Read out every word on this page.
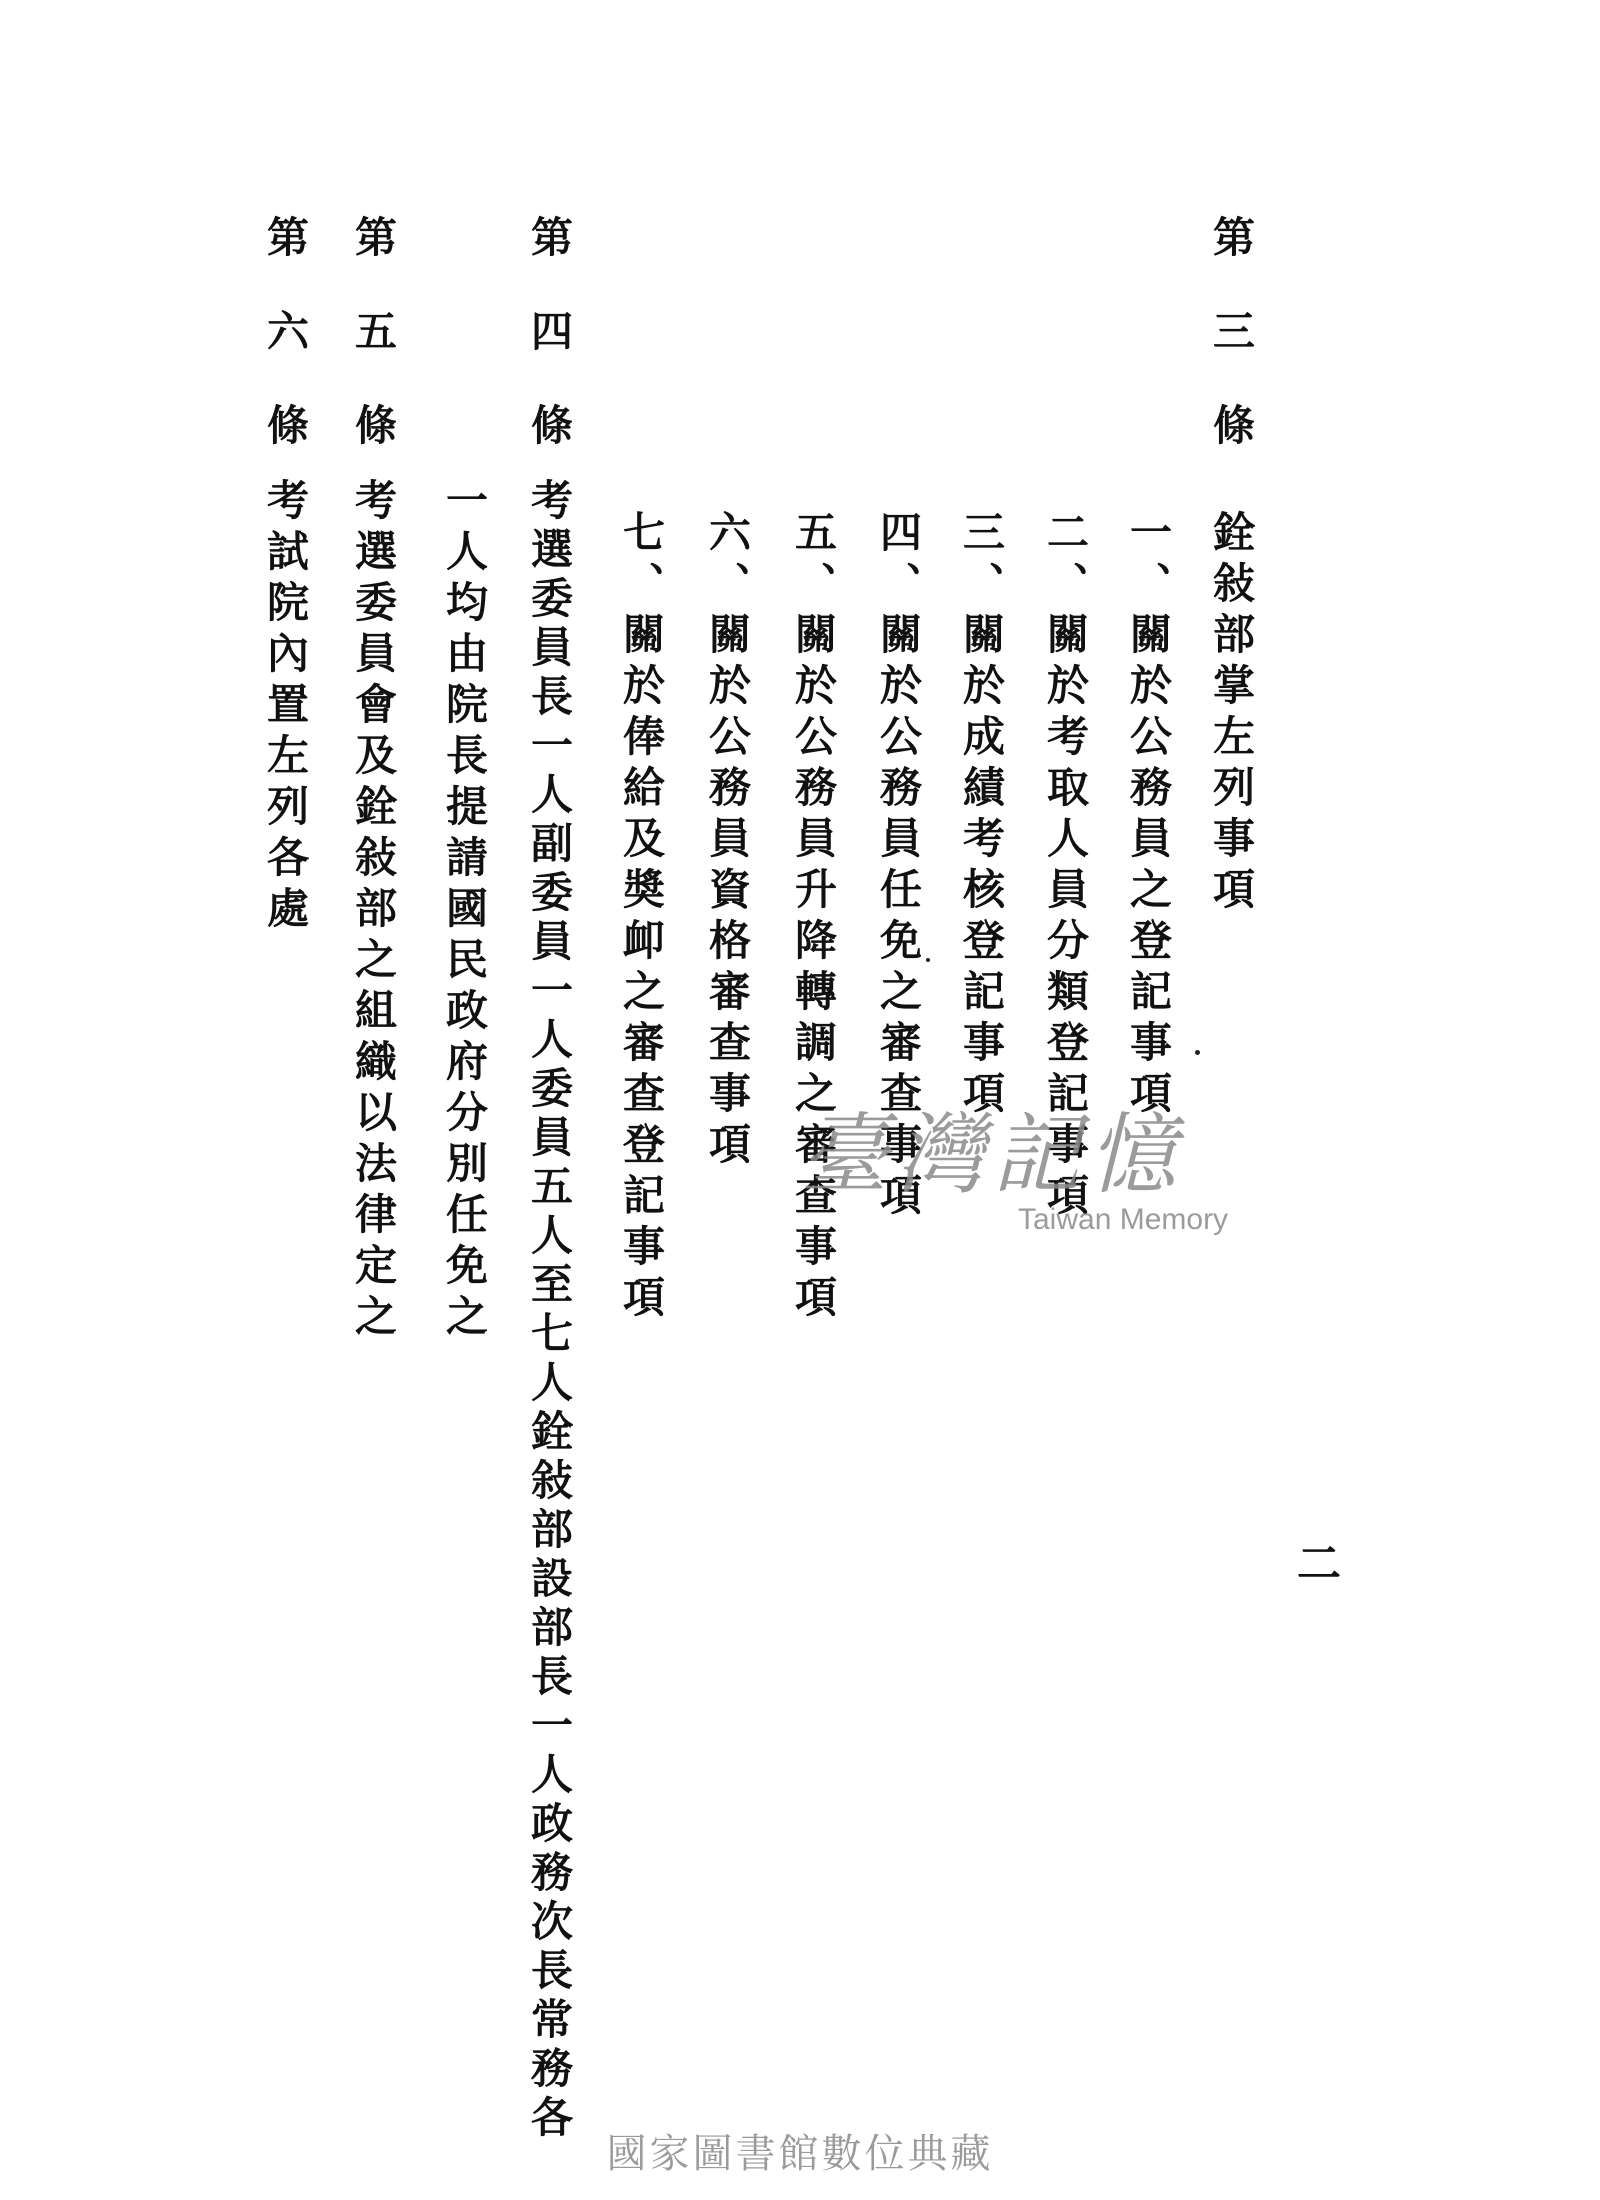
第三條
銓敍部掌左列事項
一、關於公務員之登記事項
二、關於考取人員分類登記事項
三、關於成績考核登記事項
四、關於公務員任免之審查事項
五、關於公務員升降轉調之審查事項
六、關於公務員資格審查事項
七、關於俸給及奬卹之審查登記事項
第四條
考選委員長一人副委員一人委員五人至七人銓敍部設部長一人政務次長常務各
一人均由院長提請國民政府分別任免之
第五條
考選委員會及銓敍部之組織以法律定之
第六條
考試院內置左列各處
二
臺灣記憶
Taiwan Memory
國家圖書館數位典藏
